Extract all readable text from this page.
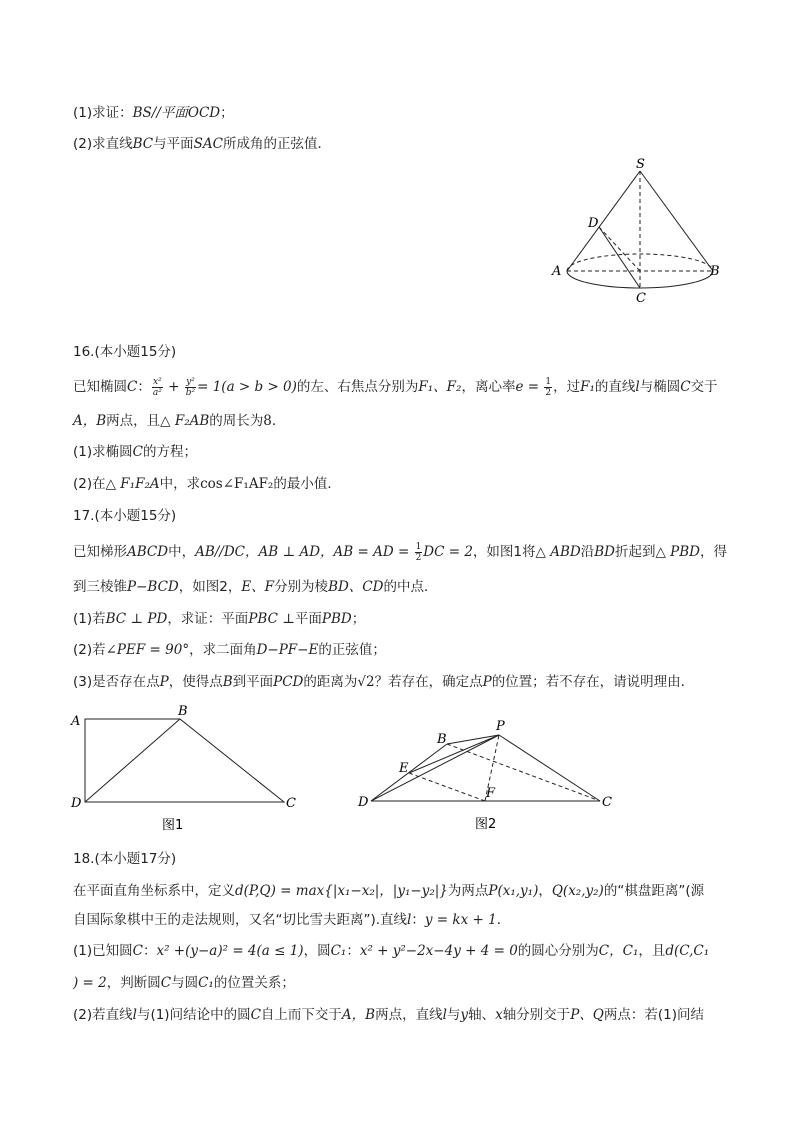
(1)求证：BS//平面OCD；
(2)求直线BC与平面SAC所成角的正弦值．
S
D
A	B
C
16.(本小题15分)
已知椭圆C： $\frac{\text{x²}}{\text{a²}} + \frac{\text{y²}}{\text{b²}} = 1(a > b > 0)$的左、右焦点分别为F₁、F₂，离心率$e = \frac{1}{2}$ ，过F₁的直线l与椭圆C交于
A，B两点，且△ F₂AB的周长为8．
(1)求椭圆C的方程；
(2)在△ F₁F₂A中，求cos∠F₁AF₂的最小值．
17.(本小题15分)
已知梯形ABCD中，AB//DC，AB ⊥ AD，AB = AD = $\frac{1}{2}$ DC = 2，如图1将△ ABD沿BD折起到△ PBD，得
到三棱锥P−BCD，如图2，E、F分别为棱BD、CD的中点．
(1)若BC ⊥ PD，求证：平面PBC ⊥平面PBD；
(2)若∠PEF = 90°，求二面角D−PF−E的正弦值；
(3)是否存在点P，使得点B到平面PCD的距离为√2？若存在，确定点P的位置；若不存在，请说明理由．
A
B
D	C
图1
P
B
E
F
D	C
图2
18.(本小题17分)
在平面直角坐标系中，定义d(P,Q) = max{|x₁−x₂|，|y₁−y₂|}为两点P(x₁,y₁)，Q(x₂,y₂)的“棋盘距离”(源
自国际象棋中王的走法规则，又名“切比雪夫距离”).直线l：y = kx + 1．
(1)已知圆C：x² +(y−a)² = 4(a ≤ 1)，圆C₁：x² + y²−2x−4y + 4 = 0的圆心分别为C，C₁，且d(C,C₁
) = 2，判断圆C与圆C₁的位置关系；
(2)若直线l与(1)问结论中的圆C自上而下交于A，B两点，直线l与y轴、x轴分别交于P、Q两点：若(1)问结
